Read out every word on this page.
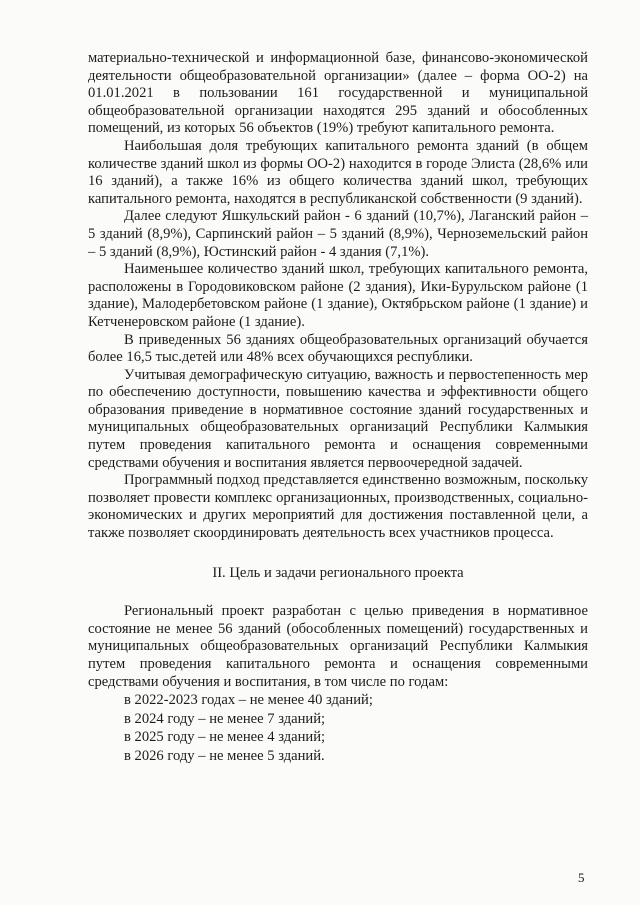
материально-технической и информационной базе, финансово-экономической деятельности общеобразовательной организации» (далее – форма ОО-2) на 01.01.2021 в пользовании 161 государственной и муниципальной общеобразовательной организации находятся 295 зданий и обособленных помещений, из которых 56 объектов (19%) требуют капитального ремонта.

Наибольшая доля требующих капитального ремонта зданий (в общем количестве зданий школ из формы ОО-2) находится в городе Элиста (28,6% или 16 зданий), а также 16% из общего количества зданий школ, требующих капитального ремонта, находятся в республиканской собственности (9 зданий).

Далее следуют Яшкульский район - 6 зданий (10,7%), Лаганский район – 5 зданий (8,9%), Сарпинский район – 5 зданий (8,9%), Черноземельский район – 5 зданий (8,9%), Юстинский район - 4 здания (7,1%).

Наименьшее количество зданий школ, требующих капитального ремонта, расположены в Городовиковском районе (2 здания), Ики-Бурульском районе (1 здание), Малодербетовском районе (1 здание), Октябрьском районе (1 здание) и Кетченеровском районе (1 здание).

В приведенных 56 зданиях общеобразовательных организаций обучается более 16,5 тыс.детей или 48% всех обучающихся республики.

Учитывая демографическую ситуацию, важность и первостепенность мер по обеспечению доступности, повышению качества и эффективности общего образования приведение в нормативное состояние зданий государственных и муниципальных общеобразовательных организаций Республики Калмыкия путем проведения капитального ремонта и оснащения современными средствами обучения и воспитания является первоочередной задачей.

Программный подход представляется единственно возможным, поскольку позволяет провести комплекс организационных, производственных, социально-экономических и других мероприятий для достижения поставленной цели, а также позволяет скоординировать деятельность всех участников процесса.

II. Цель и задачи регионального проекта

Региональный проект разработан с целью приведения в нормативное состояние не менее 56 зданий (обособленных помещений) государственных и муниципальных общеобразовательных организаций Республики Калмыкия путем проведения капитального ремонта и оснащения современными средствами обучения и воспитания, в том числе по годам:

в 2022-2023 годах – не менее 40 зданий;
в 2024 году – не менее 7 зданий;
в 2025 году – не менее 4 зданий;
в 2026 году – не менее 5 зданий.
5
